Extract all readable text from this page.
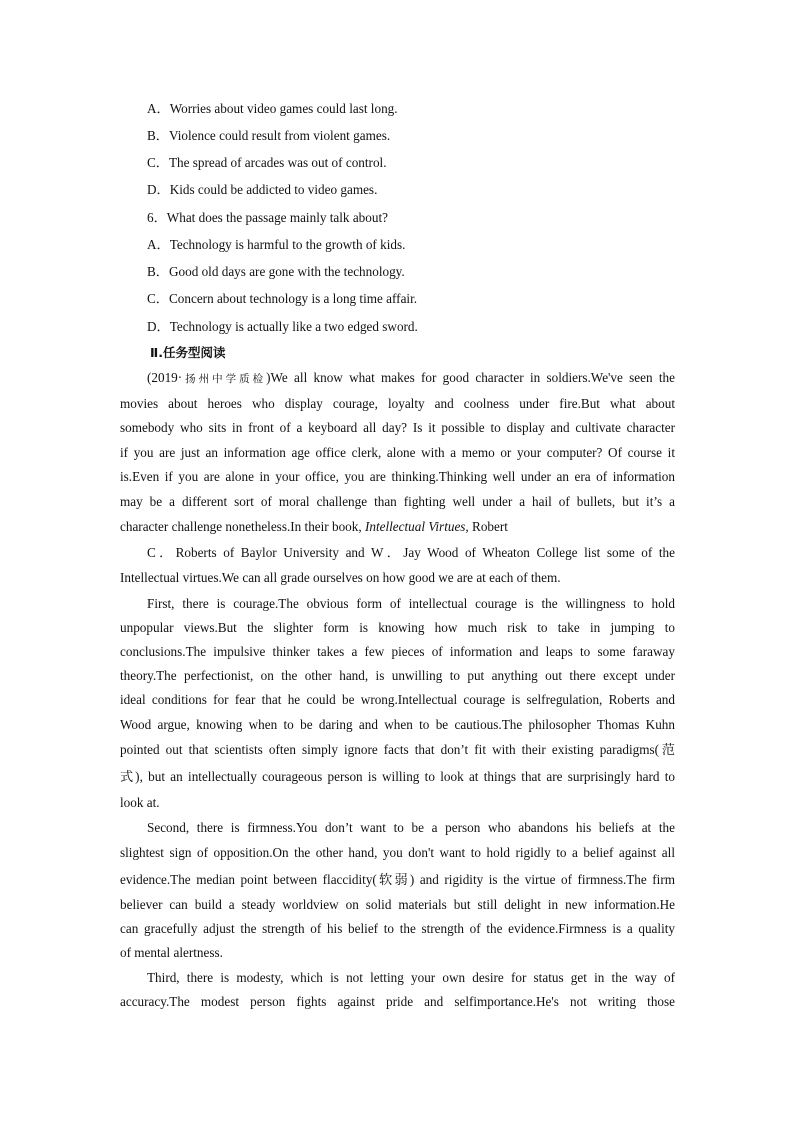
A．Worries about video games could last long.
B．Violence could result from violent games.
C．The spread of arcades was out of control.
D．Kids could be addicted to video games.
6．What does the passage mainly talk about?
A．Technology is harmful to the growth of kids.
B．Good old days are gone with the technology.
C．Concern about technology is a long time affair.
D．Technology is actually like a two edged sword.
Ⅱ.任务型阅读
(2019·扬州中学质检)We all know what makes for good character in soldiers.We've seen the
movies about heroes who display courage, loyalty and coolness under fire.But what about
somebody who sits in front of a keyboard all day? Is it possible to display and cultivate character
if you are just an information age office clerk, alone with a memo or your computer? Of course it
is.Even if you are alone in your office, you are thinking.Thinking well under an era of information
may be a different sort of moral challenge than fighting well under a hail of bullets, but it’s a
character challenge nonetheless.In their book, Intellectual Virtues, Robert
C．Roberts of Baylor University and W．Jay Wood of Wheaton College list some of the
Intellectual virtues.We can all grade ourselves on how good we are at each of them.
First, there is courage.The obvious form of intellectual courage is the willingness to hold
unpopular views.But the slighter form is knowing how much risk to take in jumping to
conclusions.The impulsive thinker takes a few pieces of information and leaps to some faraway
theory.The perfectionist, on the other hand, is unwilling to put anything out there except under
ideal conditions for fear that he could be wrong.Intellectual courage is selfregulation, Roberts and
Wood argue, knowing when to be daring and when to be cautious.The philosopher Thomas Kuhn
pointed out that scientists often simply ignore facts that don’t fit with their existing paradigms(范
式), but an intellectually courageous person is willing to look at things that are surprisingly hard to
look at.
Second, there is firmness.You don’t want to be a person who abandons his beliefs at the
slightest sign of opposition.On the other hand, you don't want to hold rigidly to a belief against all
evidence.The median point between flaccidity(软弱) and rigidity is the virtue of firmness.The firm
believer can build a steady worldview on solid materials but still delight in new information.He
can gracefully adjust the strength of his belief to the strength of the evidence.Firmness is a quality
of mental alertness.
Third, there is modesty, which is not letting your own desire for status get in the way of
accuracy.The modest person fights against pride and selfimportance.He's not writing those
